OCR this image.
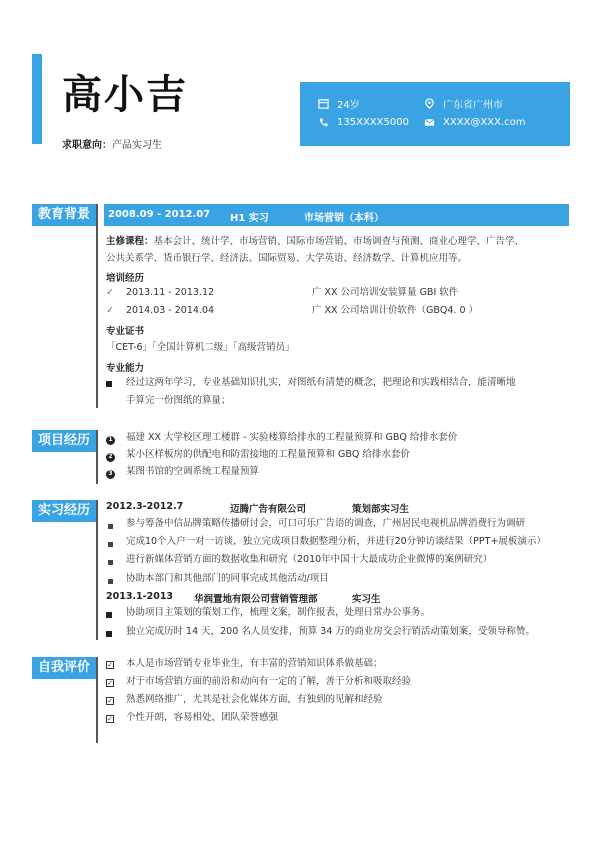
高小吉
求职意向：产品实习生
24岁	广东省广州市
135XXXX5000	XXXX@XXX.com
教育背景	2008.09 - 2012.07 H1 实习	市场营销（本科）
主修课程：基本会计、统计学、市场营销、国际市场营销、市场调查与预测、商业心理学、广告学、
公共关系学、货币银行学、经济法、国际贸易、大学英语、经济数学、计算机应用等。
培训经历
✓ 2013.11 - 2013.12	广 XX 公司培训安装算量 GBI 软件
✓ 2014.03 - 2014.04	广 XX 公司培训计价软件（GBQ4. 0 ）
专业证书
「CET-6」「全国计算机二级」「高级营销员」
专业能力
经过这两年学习，专业基础知识扎实，对图纸有清楚的概念，把理论和实践相结合，能清晰地
手算完一份图纸的算量；
项目经历	1 福建 XX 大学校区理工楼群 - 实验楼算给排水的工程量预算和 GBQ 给排水套价
2 某小区样板房的供配电和防雷接地的工程量预算和 GBQ 给排水套价
3 某图书馆的空调系统工程量预算
实习经历	2012.3-2012.7	迈腾广告有限公司	策划部实习生
参与筹备中信品牌策略传播研讨会，可口可乐广告语的调查，广州居民电视机品牌消费行为调研
完成10个入户一对一访谈，独立完成项目数据整理分析，并进行20分钟访谈结果（PPT+展板演示）
进行新媒体营销方面的数据收集和研究（2010年中国十大最成功企业微博的案例研究）
协助本部门和其他部门的同事完成其他活动/项目
2013.1-2013 华润置地有限公司营销管理部	实习生
协助项目主策划的策划工作，梳理文案，制作报表，处理日常办公事务。
独立完成历时 14 天，200 名人员安排，预算 34 万的商业房交会行销活动策划案，受领导称赞。
自我评价	✓ 本人是市场营销专业毕业生，有丰富的营销知识体系做基础；
✓ 对于市场营销方面的前沿和动向有一定的了解，善于分析和吸取经验
✓ 熟悉网络推广，尤其是社会化媒体方面，有独到的见解和经验
✓ 个性开朗，容易相处，团队荣誉感强
